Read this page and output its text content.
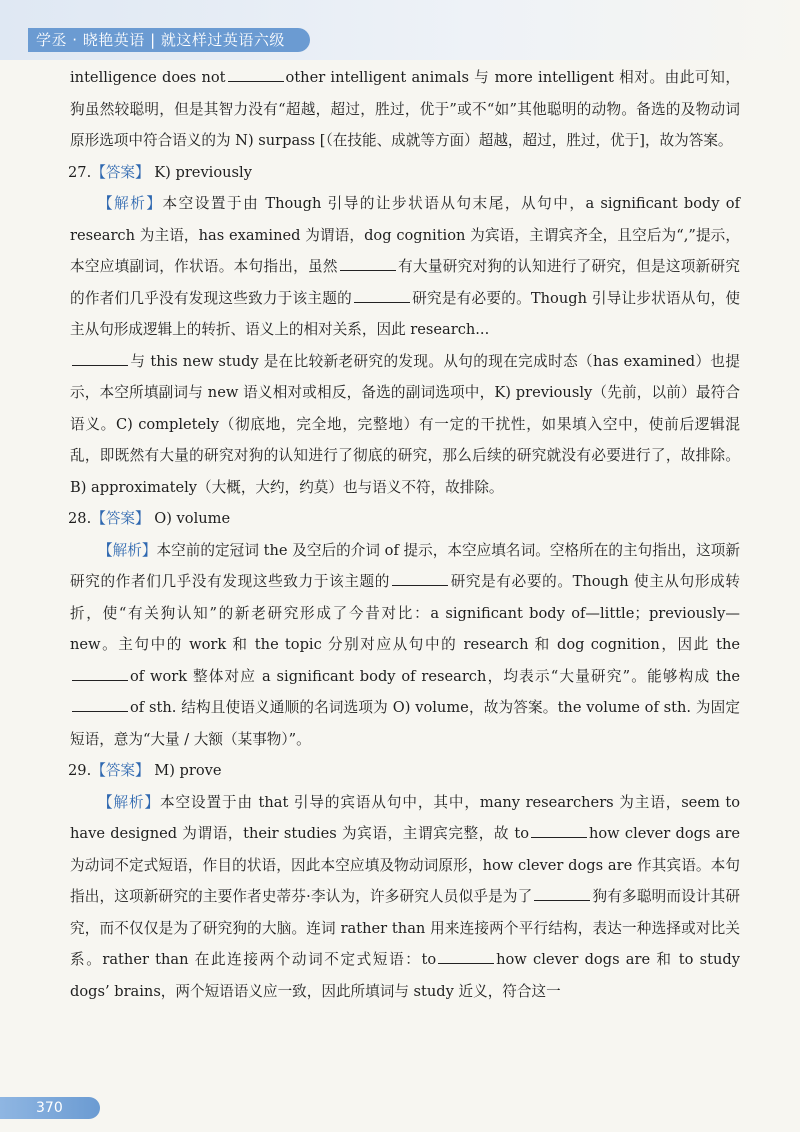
学丞 · 晓艳英语 | 就这样过英语六级

intelligence does not	other intelligent animals 与 more intelligent 相对。由此可知，狗虽然较聪明，但是其智力没有“超越，超过，胜过，优于”或不“如”其他聪明的动物。备选的及物动词原形选项中符合语义的为 N) surpass [（在技能、成就等方面）超越，超过，胜过，优于]，故为答案。

27.【答案】 K) previously

【解析】本空设置于由 Though 引导的让步状语从句末尾，从句中，a significant body of research 为主语，has examined 为谓语，dog cognition 为宾语，主谓宾齐全，且空后为“,”提示，本空应填副词，作状语。本句指出，虽然	有大量研究对狗的认知进行了研究，但是这项新研究的作者们几乎没有发现这些致力于该主题的	研究是有必要的。Though 引导让步状语从句，使主从句形成逻辑上的转折、语义上的相对关系，因此 research...
与 this new study 是在比较新老研究的发现。从句的现在完成时态（has examined）也提示，本空所填副词与 new 语义相对或相反，备选的副词选项中，K) previously（先前，以前）最符合语义。C) completely（彻底地，完全地，完整地）有一定的干扰性，如果填入空中，使前后逻辑混乱，即既然有大量的研究对狗的认知进行了彻底的研究，那么后续的研究就没有必要进行了，故排除。B) approximately（大概，大约，约莫）也与语义不符，故排除。

28.【答案】 O) volume

【解析】本空前的定冠词 the 及空后的介词 of 提示，本空应填名词。空格所在的主句指出，这项新研究的作者们几乎没有发现这些致力于该主题的	研究是有必要的。Though 使主从句形成转折，使“有关狗认知”的新老研究形成了今昔对比：a significant body of—little；previously—new。主句中的 work 和 the topic 分别对应从句中的 research 和 dog cognition，因此 theof work 整体对应 a significant body of research，均表示“大量研究”。能够构成 theof sth. 结构且使语义通顺的名词选项为 O) volume，故为答案。the volume of sth. 为固定短语，意为“大量 / 大额（某事物）”。

29.【答案】 M) prove

【解析】本空设置于由 that 引导的宾语从句中，其中，many researchers 为主语，seem to have designed 为谓语，their studies 为宾语，主谓宾完整，故 to	how clever dogs are 为动词不定式短语，作目的状语，因此本空应填及物动词原形，how clever dogs are 作其宾语。本句指出，这项新研究的主要作者史蒂芬·李认为，许多研究人员似乎是为了	狗有多聪明而设计其研究，而不仅仅是为了研究狗的大脑。连词 rather than 用来连接两个平行结构，表达一种选择或对比关系。rather than 在此连接两个动词不定式短语：to	how clever dogs are 和 to study dogs’ brains，两个短语语义应一致，因此所填词与 study 近义，符合这一

370
